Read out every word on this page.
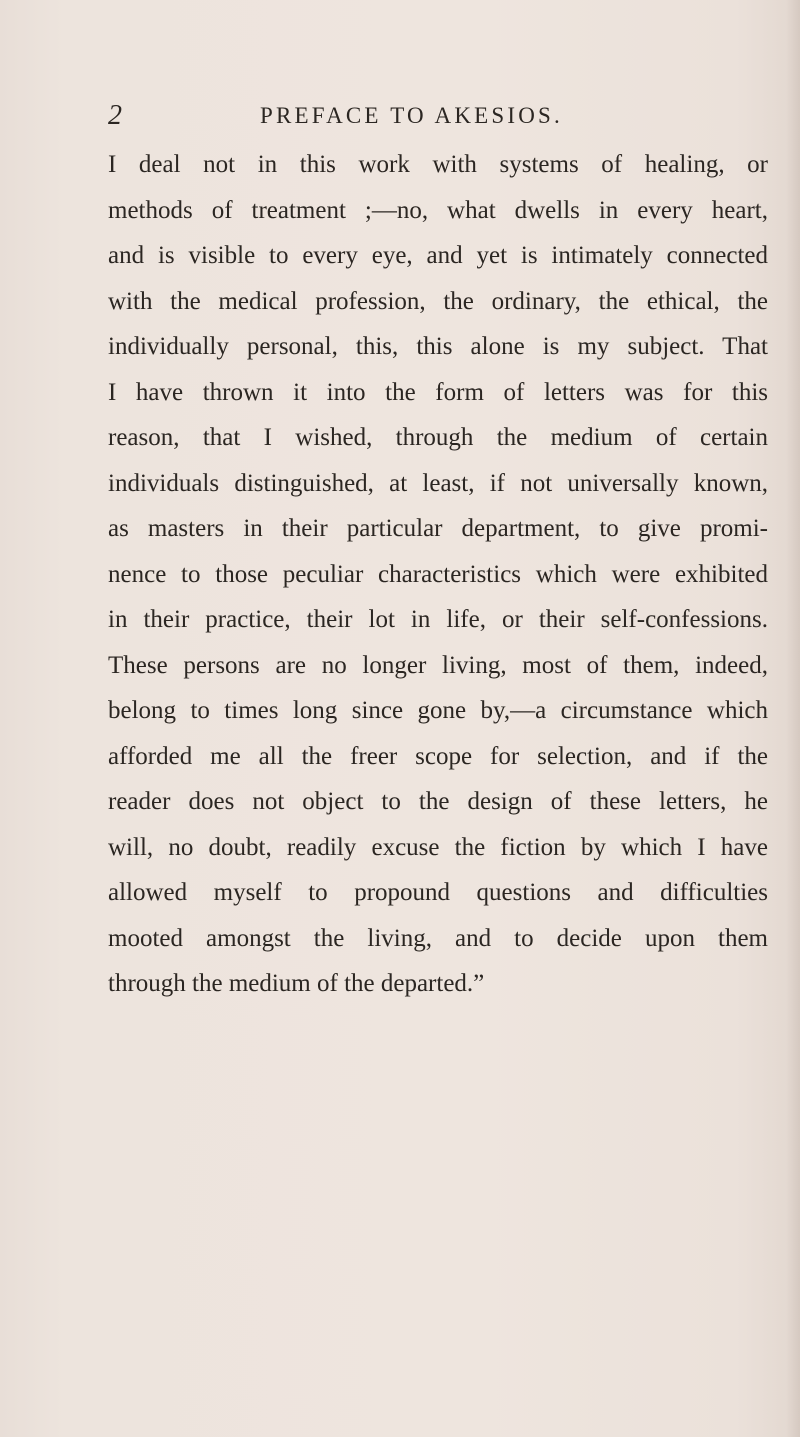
2	PREFACE TO AKESIOS.
I deal not in this work with systems of healing, or
methods of treatment ;—no, what dwells in every heart,
and is visible to every eye, and yet is intimately connected
with the medical profession, the ordinary, the ethical, the
individually personal, this, this alone is my subject. That
I have thrown it into the form of letters was for this
reason, that I wished, through the medium of certain
individuals distinguished, at least, if not universally known,
as masters in their particular department, to give promi-
nence to those peculiar characteristics which were exhibited
in their practice, their lot in life, or their self-confessions.
These persons are no longer living, most of them, indeed,
belong to times long since gone by,—a circumstance which
afforded me all the freer scope for selection, and if the
reader does not object to the design of these letters, he
will, no doubt, readily excuse the fiction by which I have
allowed myself to propound questions and difficulties
mooted amongst the living, and to decide upon them
through the medium of the departed.”
